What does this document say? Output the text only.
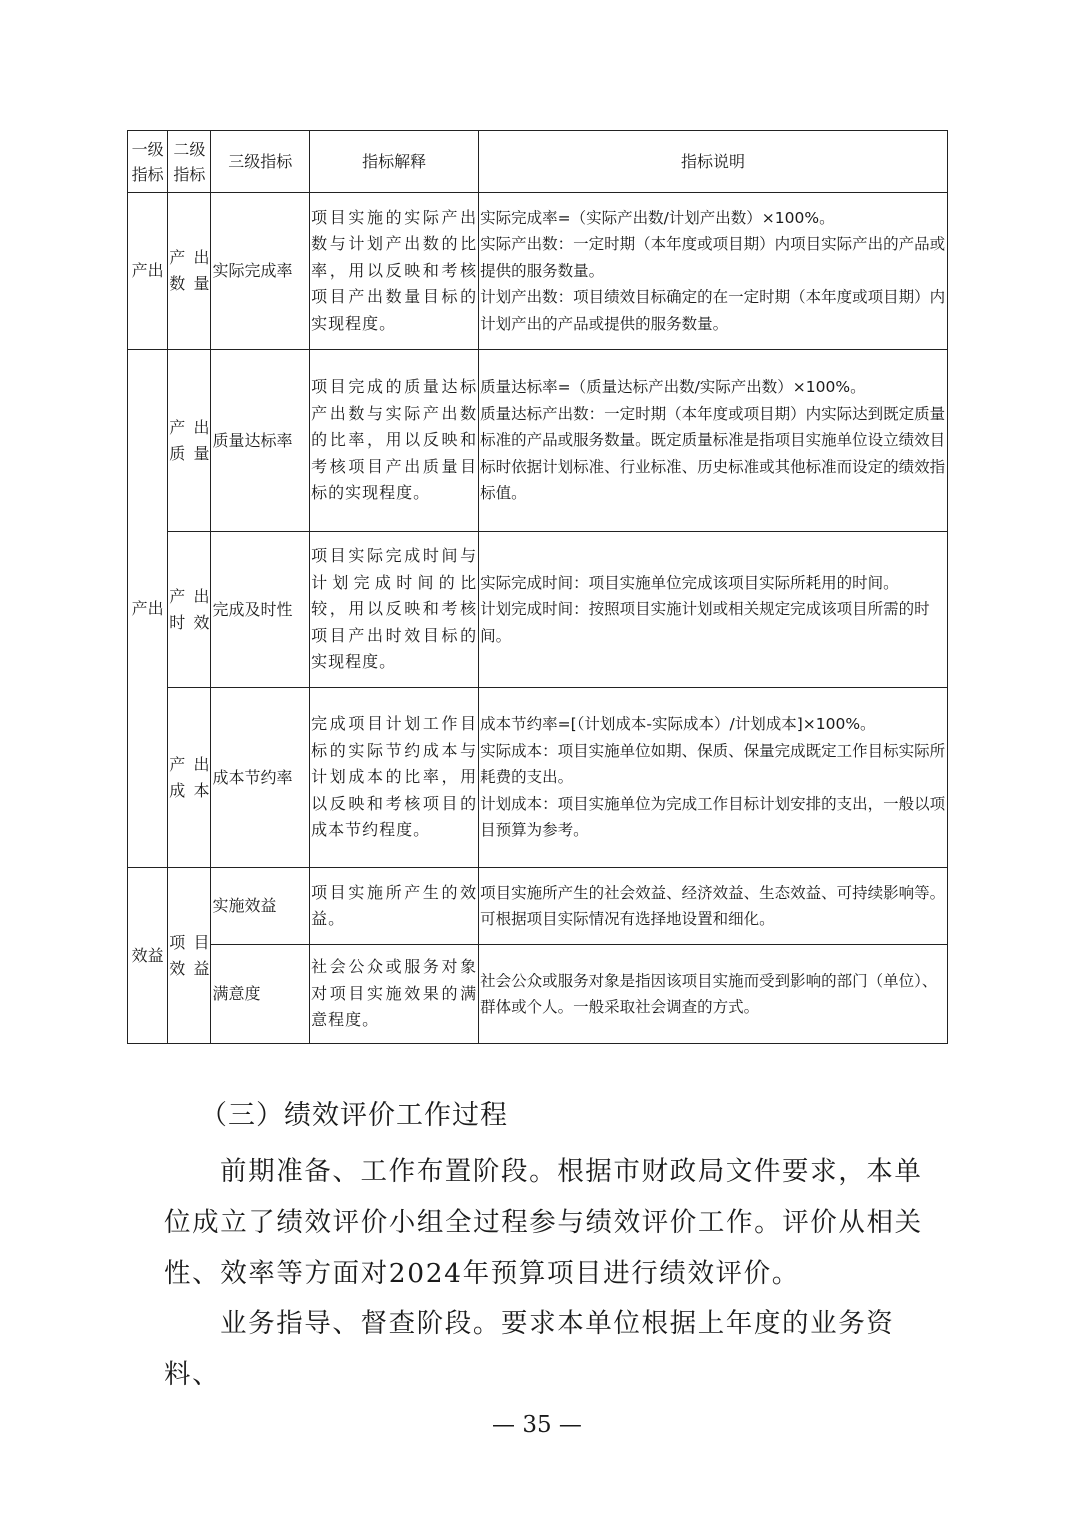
一级指标	二级指标	三级指标	指标解释	指标说明
产出	产出数量	实际完成率	项目实施的实际产出数与计划产出数的比率，用以反映和考核项目产出数量目标的实现程度。	实际完成率=（实际产出数/计划产出数）×100%。

实际产出数：一定时期（本年度或项目期）内项目实际产出的产品或提供的服务数量。

计划产出数：项目绩效目标确定的在一定时期（本年度或项目期）内计划产出的产品或提供的服务数量。

产出	产出质量	质量达标率	项目完成的质量达标产出数与实际产出数的比率，用以反映和考核项目产出质量目标的实现程度。	质量达标率=（质量达标产出数/实际产出数）×100%。

质量达标产出数：一定时期（本年度或项目期）内实际达到既定质量标准的产品或服务数量。既定质量标准是指项目实施单位设立绩效目标时依据计划标准、行业标准、历史标准或其他标准而设定的绩效指标值。

	产出时效	完成及时性	项目实际完成时间与计划完成时间的比较，用以反映和考核项目产出时效目标的实现程度。	实际完成时间：项目实施单位完成该项目实际所耗用的时间。

计划完成时间：按照项目实施计划或相关规定完成该项目所需的时间。

	产出成本	成本节约率	完成项目计划工作目标的实际节约成本与计划成本的比率，用以反映和考核项目的成本节约程度。	成本节约率=[（计划成本-实际成本）/计划成本]×100%。

实际成本：项目实施单位如期、保质、保量完成既定工作目标实际所耗费的支出。

计划成本：项目实施单位为完成工作目标计划安排的支出，一般以项目预算为参考。

效益	项目效益	实施效益	项目实施所产生的效益。	项目实施所产生的社会效益、经济效益、生态效益、可持续影响等。可根据项目实际情况有选择地设置和细化。

		满意度	社会公众或服务对象对项目实施效果的满意程度。	社会公众或服务对象是指因该项目实施而受到影响的部门（单位）、群体或个人。一般采取社会调查的方式。

（三）绩效评价工作过程
前期准备、工作布置阶段。根据市财政局文件要求，本单位成立了绩效评价小组全过程参与绩效评价工作。评价从相关性、效率等方面对2024年预算项目进行绩效评价。
业务指导、督查阶段。要求本单位根据上年度的业务资料、
— 35 —
